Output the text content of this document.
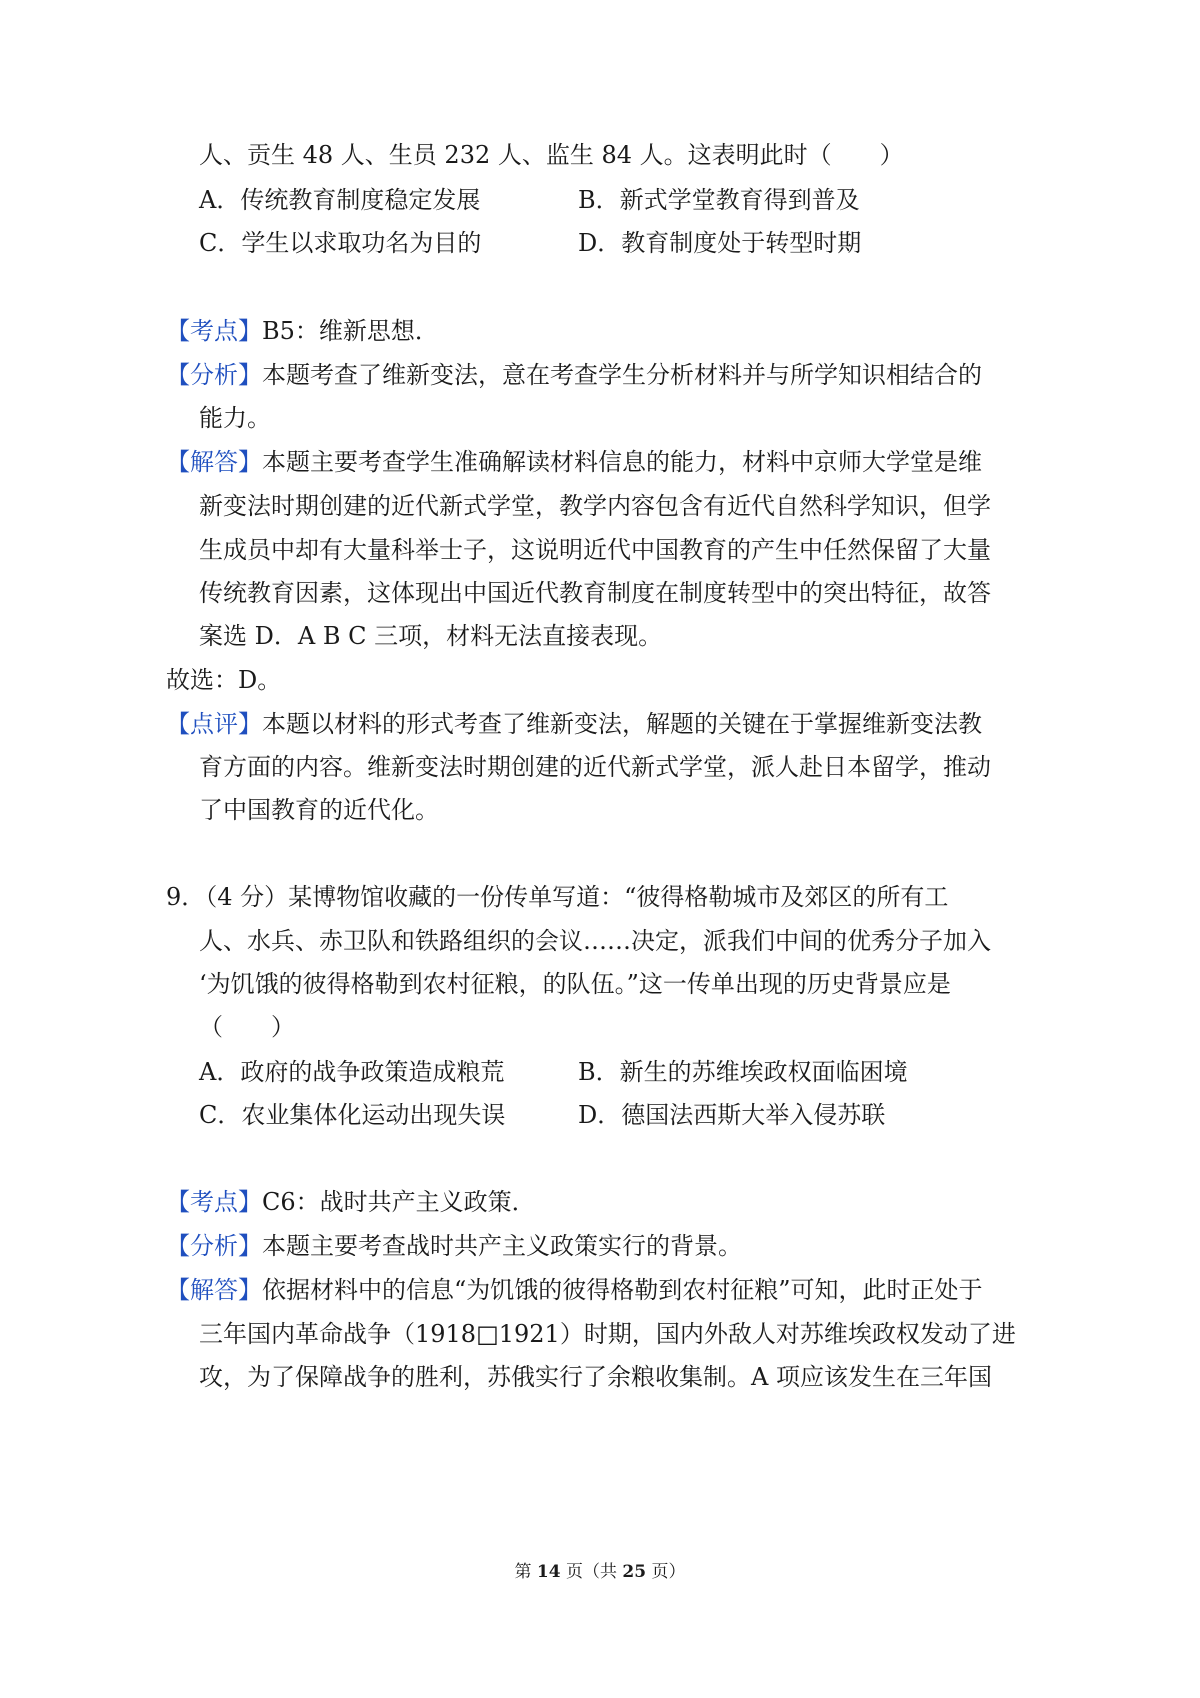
人、贡生 48 人、生员 232 人、监生 84 人。这表明此时（　　）
A．传统教育制度稳定发展	B．新式学堂教育得到普及
C．学生以求取功名为目的	D．教育制度处于转型时期
【考点】B5：维新思想．
【分析】本题考查了维新变法，意在考查学生分析材料并与所学知识相结合的
能力。
【解答】本题主要考查学生准确解读材料信息的能力，材料中京师大学堂是维
新变法时期创建的近代新式学堂，教学内容包含有近代自然科学知识，但学
生成员中却有大量科举士子，这说明近代中国教育的产生中任然保留了大量
传统教育因素，这体现出中国近代教育制度在制度转型中的突出特征，故答
案选 D．A B C 三项，材料无法直接表现。
故选：D。
【点评】本题以材料的形式考查了维新变法，解题的关键在于掌握维新变法教
育方面的内容。维新变法时期创建的近代新式学堂，派人赴日本留学，推动
了中国教育的近代化。
9．（4 分）某博物馆收藏的一份传单写道：“彼得格勒城市及郊区的所有工
人、水兵、赤卫队和铁路组织的会议……决定，派我们中间的优秀分子加入
‘为饥饿的彼得格勒到农村征粮，的队伍。”这一传单出现的历史背景应是
（　　）
A．政府的战争政策造成粮荒	B．新生的苏维埃政权面临困境
C．农业集体化运动出现失误	D．德国法西斯大举入侵苏联
【考点】C6：战时共产主义政策．
【分析】本题主要考查战时共产主义政策实行的背景。
【解答】依据材料中的信息“为饥饿的彼得格勒到农村征粮”可知，此时正处于
三年国内革命战争（1918□1921）时期，国内外敌人对苏维埃政权发动了进
攻，为了保障战争的胜利，苏俄实行了余粮收集制。A 项应该发生在三年国
第 14 页（共 25 页）
